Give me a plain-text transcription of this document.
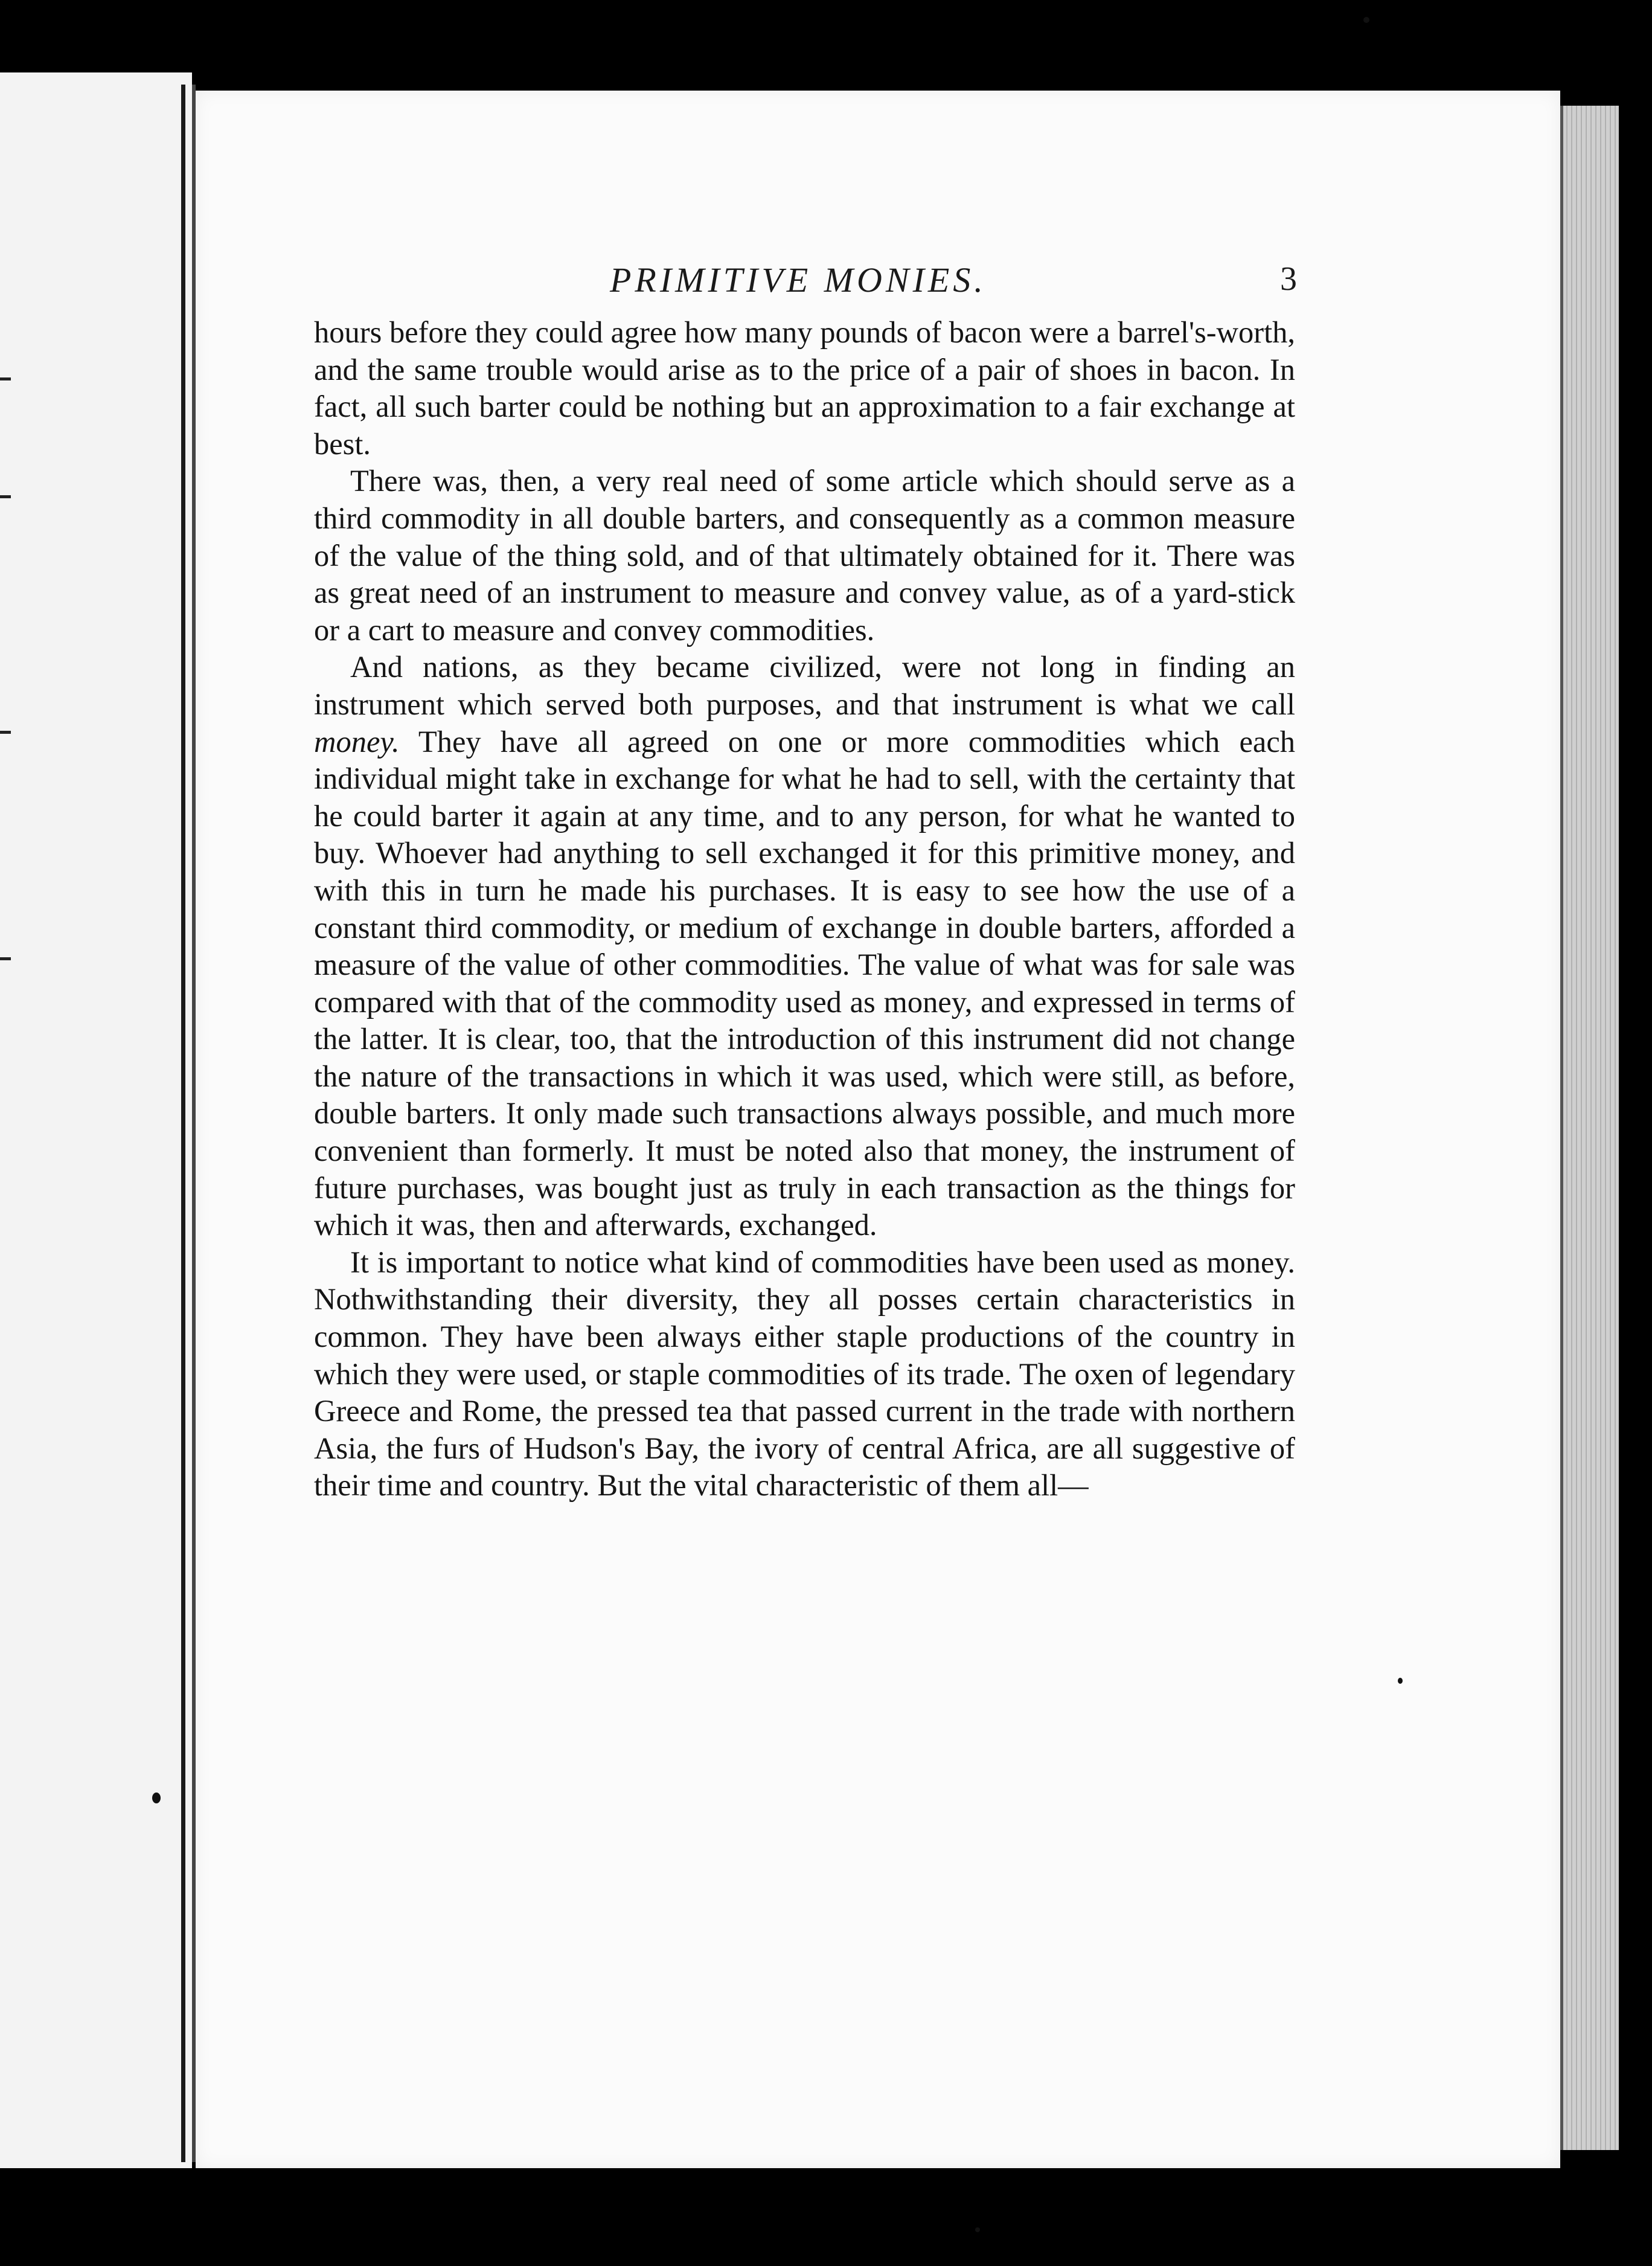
PRIMITIVE MONIES.	3

hours before they could agree how many pounds of bacon were a barrel's-worth, and the same trouble would arise as to the price of a pair of shoes in bacon. In fact, all such barter could be nothing but an approximation to a fair exchange at best.

There was, then, a very real need of some article which should serve as a third commodity in all double barters, and consequently as a common measure of the value of the thing sold, and of that ultimately obtained for it. There was as great need of an instrument to measure and convey value, as of a yard-stick or a cart to measure and convey commodities.

And nations, as they became civilized, were not long in finding an instrument which served both purposes, and that instrument is what we call money. They have all agreed on one or more commodities which each individual might take in exchange for what he had to sell, with the certainty that he could barter it again at any time, and to any person, for what he wanted to buy. Whoever had anything to sell exchanged it for this primitive money, and with this in turn he made his purchases. It is easy to see how the use of a constant third commodity, or medium of exchange in double barters, afforded a measure of the value of other commodities. The value of what was for sale was compared with that of the commodity used as money, and expressed in terms of the latter. It is clear, too, that the introduction of this instrument did not change the nature of the transactions in which it was used, which were still, as before, double barters. It only made such transactions always possible, and much more convenient than formerly. It must be noted also that money, the instrument of future purchases, was bought just as truly in each transaction as the things for which it was, then and afterwards, exchanged.

It is important to notice what kind of commodities have been used as money. Nothwithstanding their diversity, they all posses certain characteristics in common. They have been always either staple productions of the country in which they were used, or staple commodities of its trade. The oxen of legendary Greece and Rome, the pressed tea that passed current in the trade with northern Asia, the furs of Hudson's Bay, the ivory of central Africa, are all suggestive of their time and country. But the vital characteristic of them all—
